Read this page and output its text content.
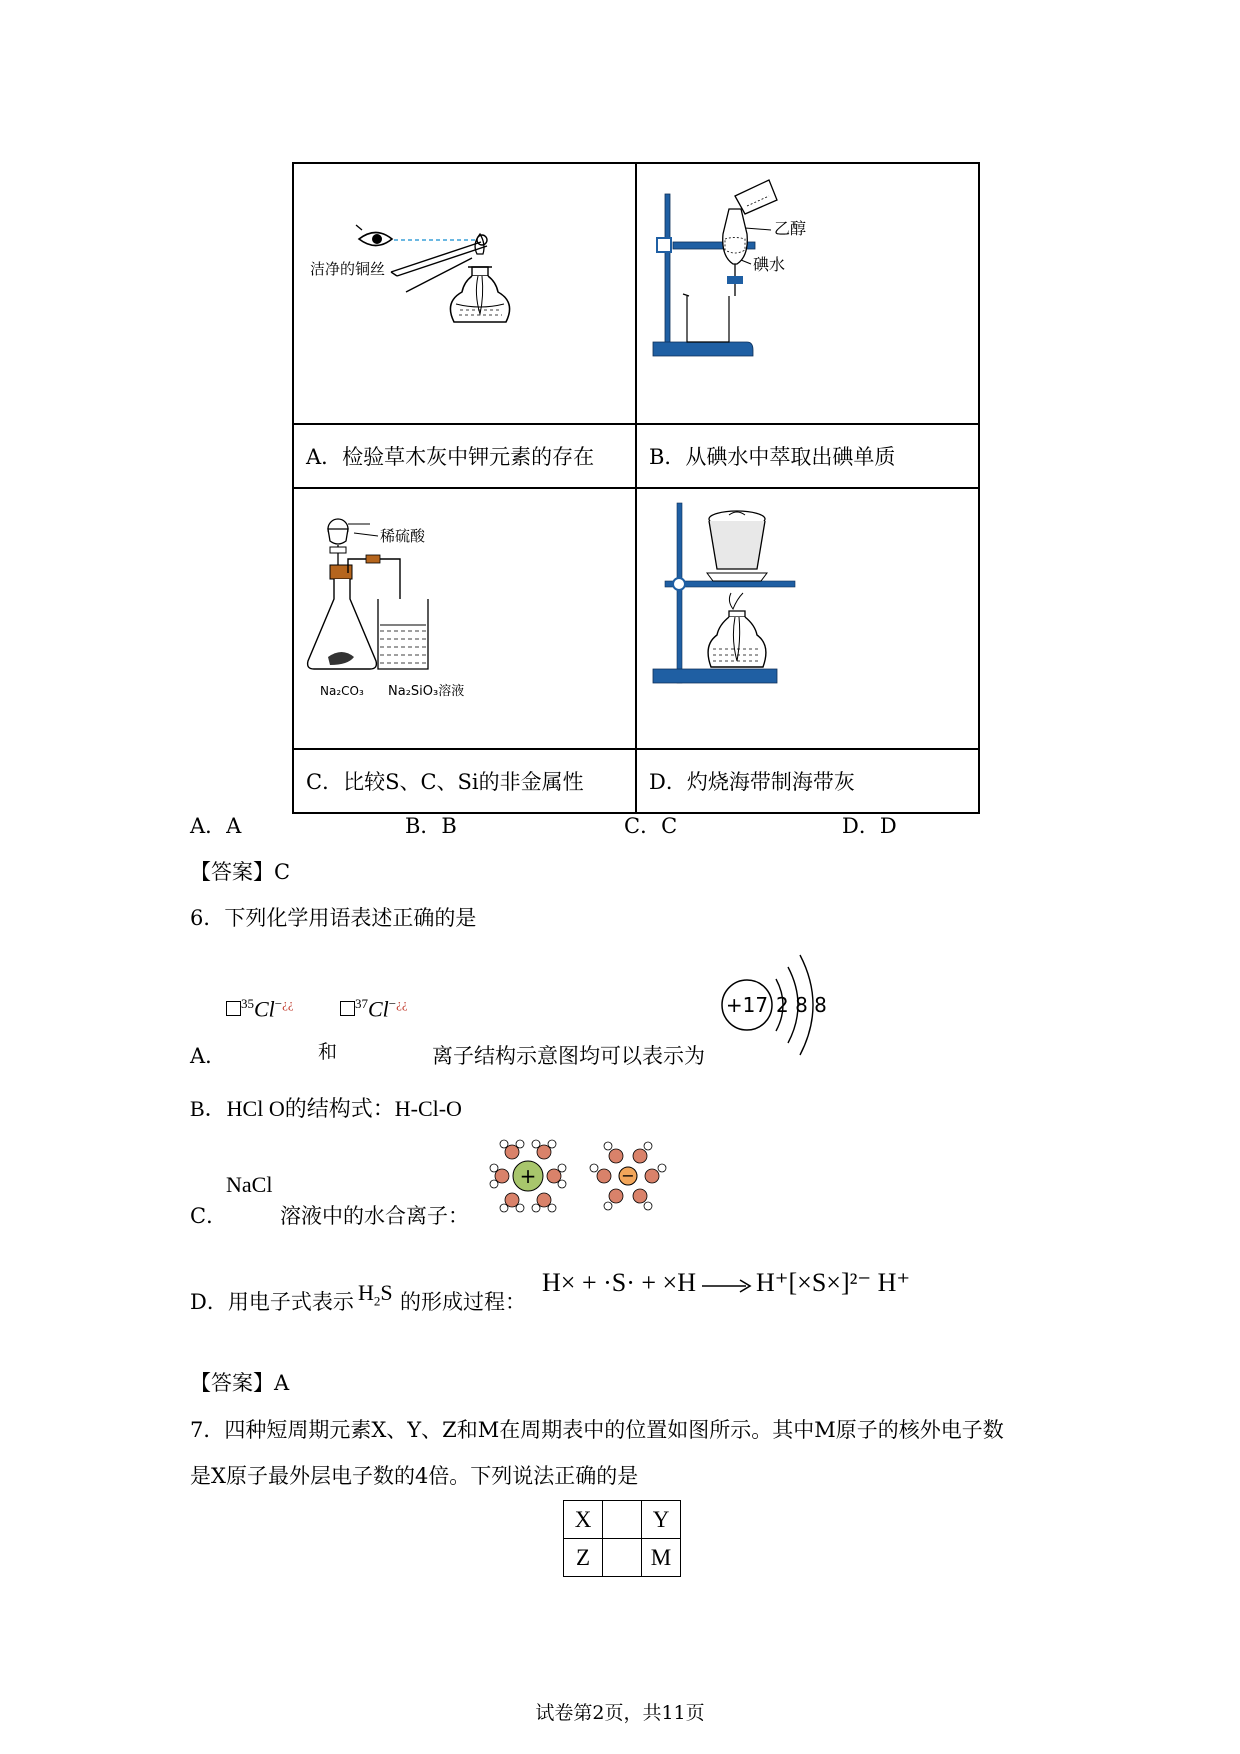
洁净的铜丝	乙醇
碘水

A．检验草木灰中钾元素的存在	B．从碘水中萃取出碘单质

稀硫酸
Na₂CO₃ Na₂SiO₃溶液

C．比较S、C、Si的非金属性	D．灼烧海带制海带灰
A．A	B．B	C．C	D．D
【答案】C
6．下列化学用语表述正确的是
$^{35}$Cl−¿¿	$^{37}$Cl−¿¿
A．	和	离子结构示意图均可以表示为
+17 2 8 8
B．HCl O的结构式：H-Cl-O
NaCl
C．	溶液中的水合离子：
+	−
D．用电子式表示 $H_2S$ 的形成过程：
H× + ·S· + ×H → H⁺[×S×]²⁻ H⁺
【答案】A
7．四种短周期元素X、Y、Z和M在周期表中的位置如图所示。其中M原子的核外电子数
是X原子最外层电子数的4倍。下列说法正确的是
X		Y
Z		M
试卷第2页，共11页
